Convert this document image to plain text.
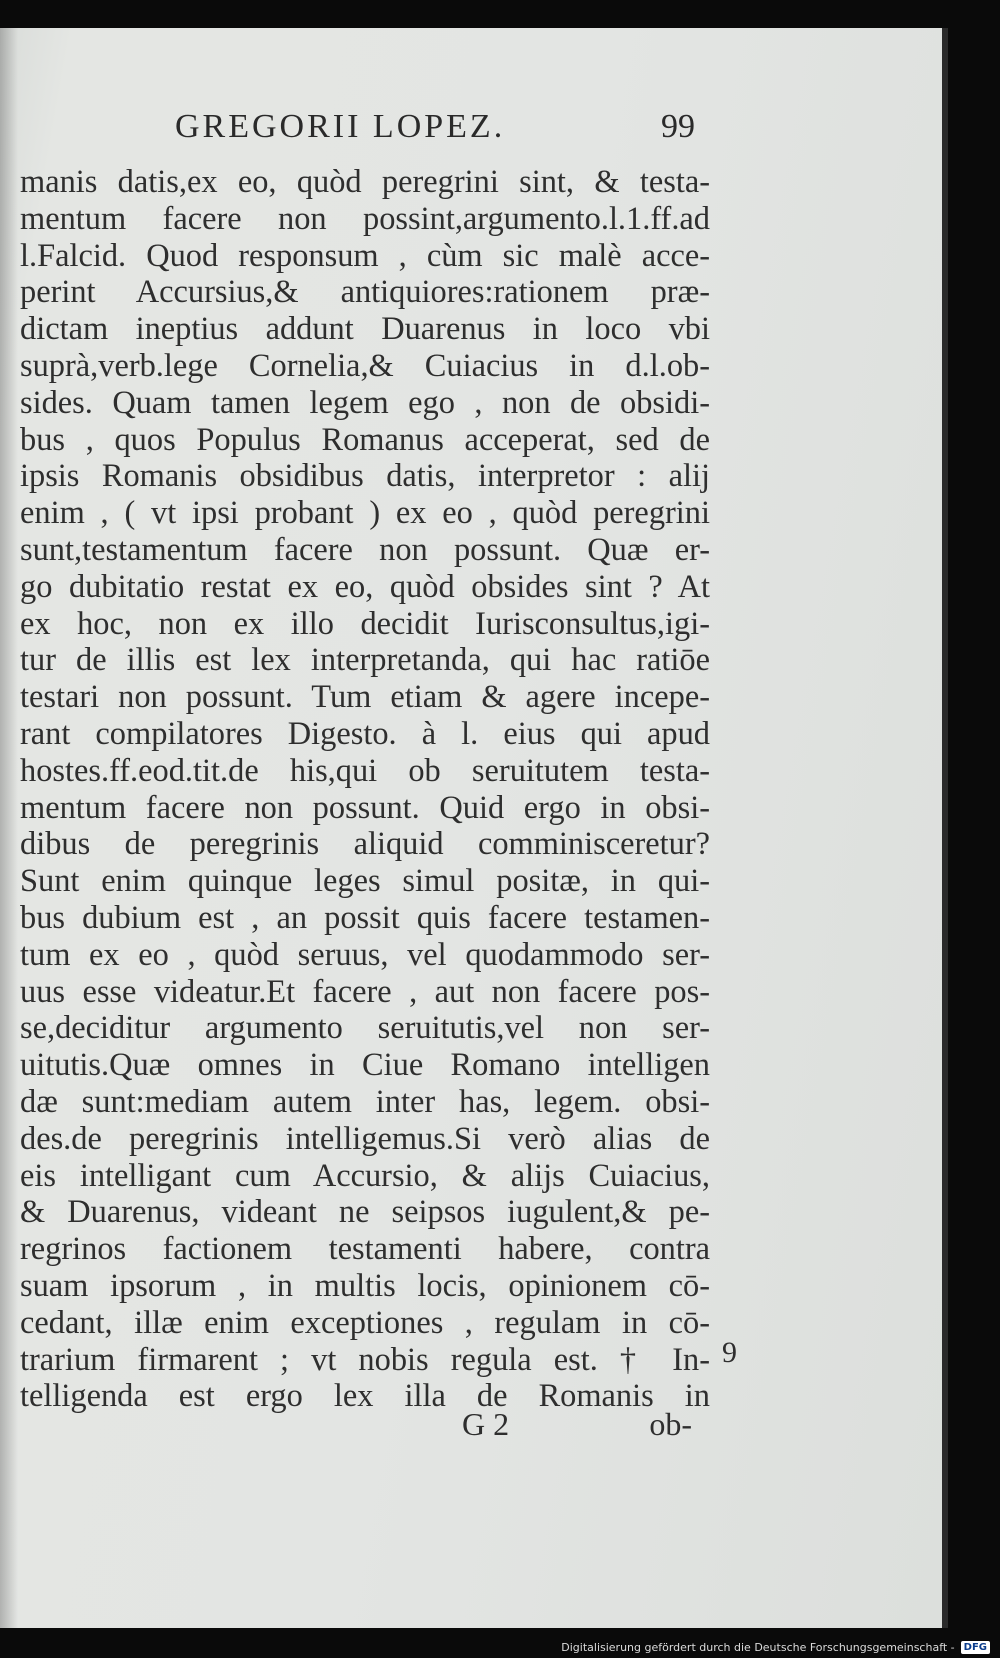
GREGORII LOPEZ.	99
manis datis,ex eo, quòd peregrini sint, & testa-
mentum facere non possint,argumento.l.1.ff.ad
l.Falcid. Quod responsum , cùm sic malè acce-
perint Accursius,& antiquiores:rationem præ-
dictam ineptius addunt Duarenus in loco vbi
suprà,verb.lege Cornelia,& Cuiacius in d.l.ob-
sides. Quam tamen legem ego , non de obsidi-
bus , quos Populus Romanus acceperat, sed de
ipsis Romanis obsidibus datis, interpretor : alij
enim , ( vt ipsi probant ) ex eo , quòd peregrini
sunt,testamentum facere non possunt. Quæ er-
go dubitatio restat ex eo, quòd obsides sint ? At
ex hoc, non ex illo decidit Iurisconsultus,igi-
tur de illis est lex interpretanda, qui hac ratiōe
testari non possunt. Tum etiam & agere incepe-
rant compilatores Digesto. à l. eius qui apud
hostes.ff.eod.tit.de his,qui ob seruitutem testa-
mentum facere non possunt. Quid ergo in obsi-
dibus de peregrinis aliquid comminisceretur?
Sunt enim quinque leges simul positæ, in qui-
bus dubium est , an possit quis facere testamen-
tum ex eo , quòd seruus, vel quodammodo ser-
uus esse videatur.Et facere , aut non facere pos-
se,deciditur argumento seruitutis,vel non ser-
uitutis.Quæ omnes in Ciue Romano intelligen
dæ sunt:mediam autem inter has, legem. obsi-
des.de peregrinis intelligemus.Si verò alias de
eis intelligant cum Accursio, & alijs Cuiacius,
& Duarenus, videant ne seipsos iugulent,& pe-
regrinos factionem testamenti habere, contra
suam ipsorum , in multis locis, opinionem cō-
cedant, illæ enim exceptiones , regulam in cō-
trarium firmarent ; vt nobis regula est. † In-
telligenda est ergo lex illa de Romanis in
9
G 2	ob-
Digitalisierung gefördert durch die Deutsche Forschungsgemeinschaft - DFG
